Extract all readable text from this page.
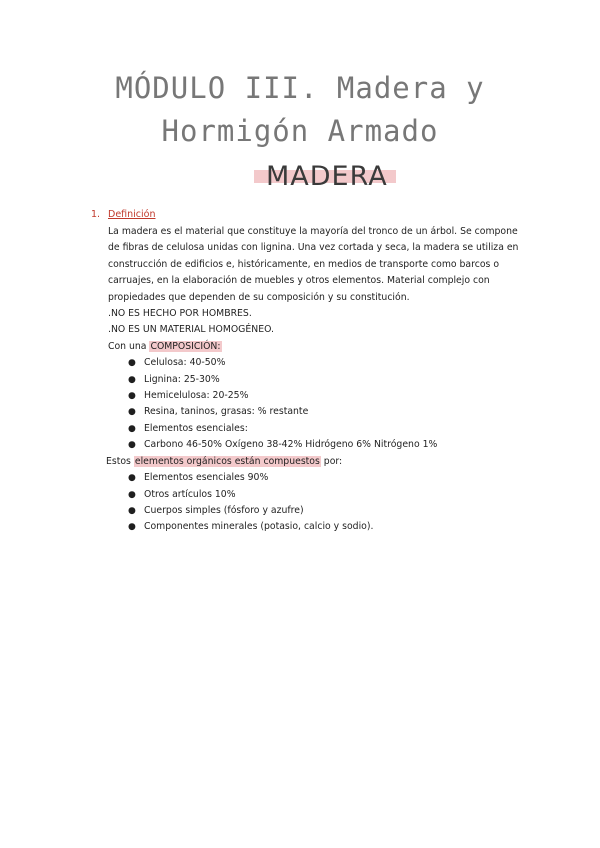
MÓDULO III. Madera y
Hormigón Armado
MADERA
1. Definición

La madera es el material que constituye la mayoría del tronco de un árbol. Se compone de fibras de celulosa unidas con lignina. Una vez cortada y seca, la madera se utiliza en construcción de edificios e, históricamente, en medios de transporte como barcos o carruajes, en la elaboración de muebles y otros elementos. Material complejo con propiedades que dependen de su composición y su constitución.

.NO ES HECHO POR HOMBRES.

.NO ES UN MATERIAL HOMOGÉNEO.

Con una COMPOSICIÓN:

● Celulosa: 40-50%
● Lignina: 25-30%
● Hemicelulosa: 20-25%
● Resina, taninos, grasas: % restante
● Elementos esenciales:
● Carbono 46-50% Oxígeno 38-42% Hidrógeno 6% Nitrógeno 1%

Estos elementos orgánicos están compuestos por:

● Elementos esenciales 90%
● Otros artículos 10%
● Cuerpos simples (fósforo y azufre)
● Componentes minerales (potasio, calcio y sodio).
